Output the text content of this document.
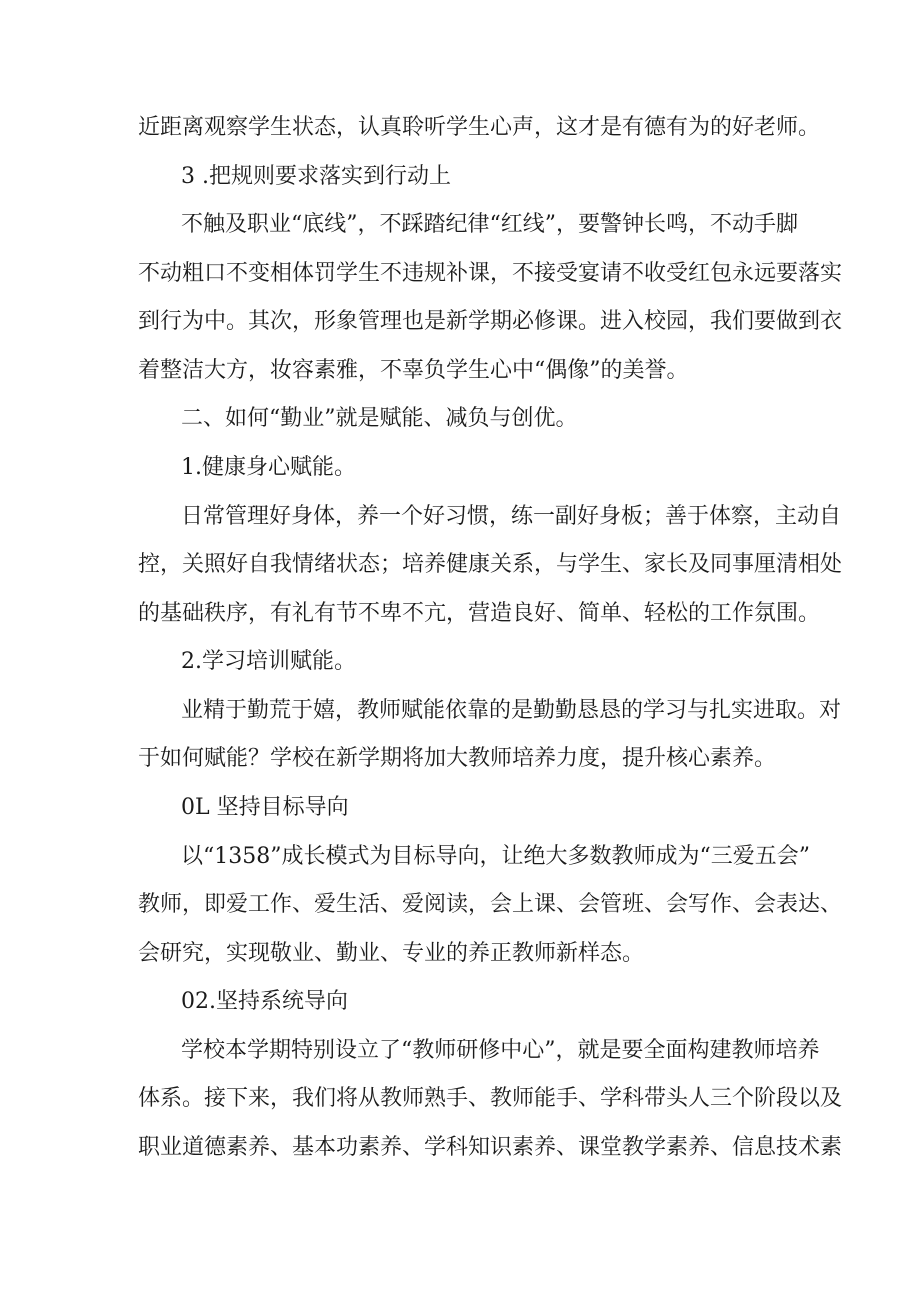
近距离观察学生状态，认真聆听学生心声，这才是有德有为的好老师。
3 .把规则要求落实到行动上
不触及职业“底线”，不踩踏纪律“红线”，要警钟长鸣，不动手脚
不动粗口不变相体罚学生不违规补课，不接受宴请不收受红包永远要落实
到行为中。其次，形象管理也是新学期必修课。进入校园，我们要做到衣
着整洁大方，妆容素雅，不辜负学生心中“偶像”的美誉。
二、如何“勤业”就是赋能、减负与创优。
1.健康身心赋能。
日常管理好身体，养一个好习惯，练一副好身板；善于体察，主动自
控，关照好自我情绪状态；培养健康关系，与学生、家长及同事厘清相处
的基础秩序，有礼有节不卑不亢，营造良好、简单、轻松的工作氛围。
2.学习培训赋能。
业精于勤荒于嬉，教师赋能依靠的是勤勤恳恳的学习与扎实进取。对
于如何赋能？学校在新学期将加大教师培养力度，提升核心素养。
0L 坚持目标导向
以“1358”成长模式为目标导向，让绝大多数教师成为“三爱五会”
教师，即爱工作、爱生活、爱阅读，会上课、会管班、会写作、会表达、
会研究，实现敬业、勤业、专业的养正教师新样态。
02.坚持系统导向
学校本学期特别设立了“教师研修中心”，就是要全面构建教师培养
体系。接下来，我们将从教师熟手、教师能手、学科带头人三个阶段以及
职业道德素养、基本功素养、学科知识素养、课堂教学素养、信息技术素
